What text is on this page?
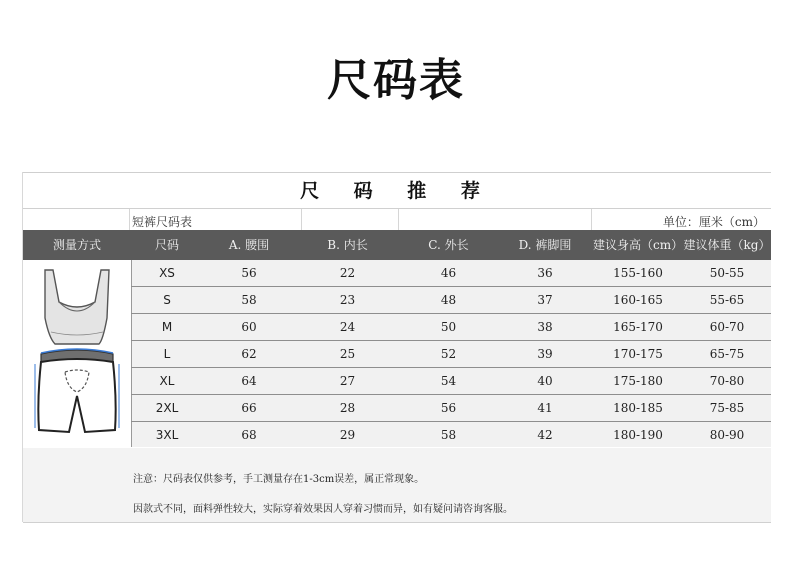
尺码表
尺 码 推 荐
短裤尺码表	单位：厘米（cm）
测量方式	尺码	A. 腰围	B. 内长	C. 外长	D. 裤脚围	建议身高（cm） 建议体重（kg）
XS	56	22	46	36	155-160	50-55
S	58	23	48	37	160-165	55-65
M	60	24	50	38	165-170	60-70
L	62	25	52	39	170-175	65-75
XL	64	27	54	40	175-180	70-80
2XL	66	28	56	41	180-185	75-85
3XL	68	29	58	42	180-190	80-90
注意：尺码表仅供参考，手工测量存在1-3cm误差，属正常现象。
因款式不同，面料弹性较大，实际穿着效果因人穿着习惯而异，如有疑问请咨询客服。
